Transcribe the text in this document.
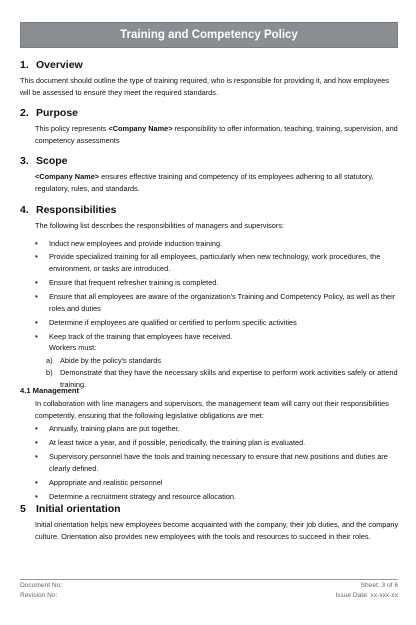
Training and Competency Policy
1. Overview
This document should outline the type of training required, who is responsible for providing it, and how employees will be assessed to ensure they meet the required standards.
2. Purpose
This policy represents <Company Name> responsibility to offer information, teaching, training, supervision, and competency assessments
3. Scope
<Company Name> ensures effective training and competency of its employees adhering to all statutory, regulatory, rules, and standards.
4. Responsibilities
The following list describes the responsibilities of managers and supervisors:
• Induct new employees and provide induction training.
• Provide specialized training for all employees, particularly when new technology, work procedures, the environment, or tasks are introduced.
• Ensure that frequent refresher training is completed.
• Ensure that all employees are aware of the organization's Training and Competency Policy, as well as their roles and duties
• Determine if employees are qualified or certified to perform specific activities
• Keep track of the training that employees have received.
Workers must:
a) Abide by the policy's standards
b) Demonstrate that they have the necessary skills and expertise to perform work activities safely or attend training.
4.1 Management
In collaboration with line managers and supervisors, the management team will carry out their responsibilities competently, ensuring that the following legislative obligations are met:
• Annually, training plans are put together.
• At least twice a year, and if possible, periodically, the training plan is evaluated.
• Supervisory personnel have the tools and training necessary to ensure that new positions and duties are clearly defined.
• Appropriate and realistic personnel
• Determine a recruitment strategy and resource allocation.
5 Initial orientation
Initial orientation helps new employees become acquainted with the company, their job duties, and the company culture. Orientation also provides new employees with the tools and resources to succeed in their roles.
Document No:	Sheet: 3 of 6
Revision No:	Issue Date: xx-xxx-xx
